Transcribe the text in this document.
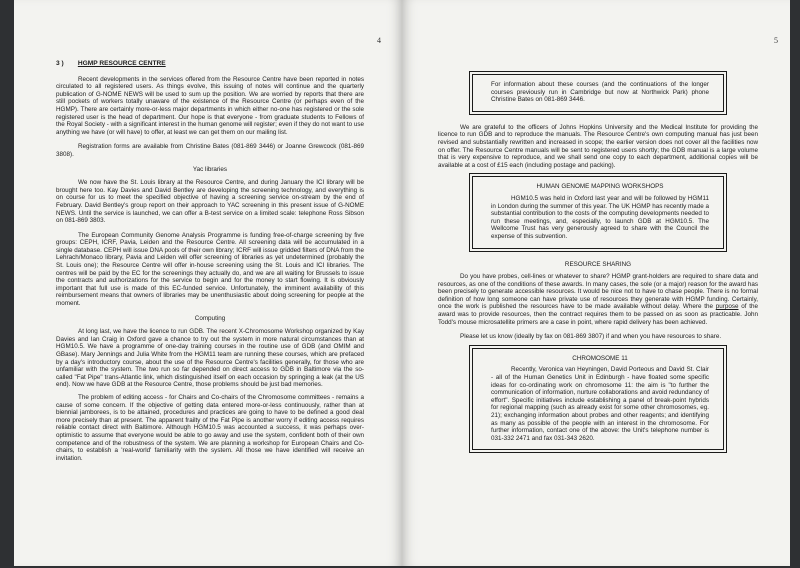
4
3 ) HGMP RESOURCE CENTRE

Recent developments in the services offered from the Resource Centre have been reported in notes circulated to all registered users. As things evolve, this issuing of notes will continue and the quarterly publication of G-NOME NEWS will be used to sum up the position. We are worried by reports that there are still pockets of workers totally unaware of the existence of the Resource Centre (or perhaps even of the HGMP). There are certainly more-or-less major departments in which either no-one has registered or the sole registered user is the head of department. Our hope is that everyone - from graduate students to Fellows of the Royal Society - with a significant interest in the human genome will register; even if they do not want to use anything we have (or will have) to offer, at least we can get them on our mailing list.

Registration forms are available from Christine Bates (081-869 3446) or Joanne Grewcock (081-869 3808).

Yac libraries

We now have the St. Louis library at the Resource Centre, and during January the ICI library will be brought here too. Kay Davies and David Bentley are developing the screening technology, and everything is on course for us to meet the specified objective of having a screening service on-stream by the end of February. David Bentley's group report on their approach to YAC screening in this present issue of G-NOME NEWS. Until the service is launched, we can offer a B-test service on a limited scale: telephone Ross Sibson on 081-869 3803.

The European Community Genome Analysis Programme is funding free-of-charge screening by five groups: CEPH, ICRF, Pavia, Leiden and the Resource Centre. All screening data will be accumulated in a single database. CEPH will issue DNA pools of their own library; ICRF will issue gridded filters of DNA from the Lehrach/Monaco library, Pavia and Leiden will offer screening of libraries as yet undetermined (probably the St. Louis one); the Resource Centre will offer in-house screening using the St. Louis and ICI libraries. The centres will be paid by the EC for the screenings they actually do, and we are all waiting for Brussels to issue the contracts and authorizations for the service to begin and for the money to start flowing. It is obviously important that full use is made of this EC-funded service. Unfortunately, the imminent availability of this reimbursement means that owners of libraries may be unenthusiastic about doing screening for people at the moment.

Computing

At long last, we have the licence to run GDB. The recent X-Chromosome Workshop organized by Kay Davies and Ian Craig in Oxford gave a chance to try out the system in more natural circumstances than at HGM10.5. We have a programme of one-day training courses in the routine use of GDB (and OMIM and GBase). Mary Jennings and Julia White from the HGM11 team are running these courses, which are prefaced by a day's introductory course, about the use of the Resource Centre's facilities generally, for those who are unfamiliar with the system. The two run so far depended on direct access to GDB in Baltimore via the so-called "Fat Pipe" trans-Atlantic link, which distinguished itself on each occasion by springing a leak (at the US end). Now we have GDB at the Resource Centre, those problems should be just bad memories.

The problem of editing access - for Chairs and Co-chairs of the Chromosome committees - remains a cause of some concern. If the objective of getting data entered more-or-less continuously, rather than at biennial jamborees, is to be attained, procedures and practices are going to have to be defined a good deal more precisely than at present. The apparent frailty of the Fat Pipe is another worry if editing access requires reliable contact direct with Baltimore. Although HGM10.5 was accounted a success, it was perhaps over-optimistic to assume that everyone would be able to go away and use the system, confident both of their own competence and of the robustness of the system. We are planning a workshop for European Chairs and Co-chairs, to establish a 'real-world' familiarity with the system. All those we have identified will receive an invitation.

5

For information about these courses (and the continuations of the longer courses previously run in Cambridge but now at Northwick Park) phone Christine Bates on 081-869 3446.

We are grateful to the officers of Johns Hopkins University and the Medical Institute for providing the licence to run GDB and to reproduce the manuals. The Resource Centre's own computing manual has just been revised and substantially rewritten and increased in scope; the earlier version does not cover all the facilities now on offer. The Resource Centre manuals will be sent to registered users shortly; the GDB manual is a large volume that is very expensive to reproduce, and we shall send one copy to each department, additional copies will be available at a cost of £15 each (including postage and packing).

HUMAN GENOME MAPPING WORKSHOPS

HGM10.5 was held in Oxford last year and will be followed by HGM11 in London during the summer of this year. The UK HGMP has recently made a substantial contribution to the costs of the computing developments needed to run these meetings, and, especially, to launch GDB at HGM10.5. The Wellcome Trust has very generously agreed to share with the Council the expense of this subvention.

RESOURCE SHARING

Do you have probes, cell-lines or whatever to share? HGMP grant-holders are required to share data and resources, as one of the conditions of these awards. In many cases, the sole (or a major) reason for the award has been precisely to generate accessible resources. It would be nice not to have to chase people. There is no formal definition of how long someone can have private use of resources they generate with HGMP funding. Certainly, once the work is published the resources have to be made available without delay. Where the purpose of the award was to provide resources, then the contract requires them to be passed on as soon as practicable. John Todd's mouse microsatellite primers are a case in point, where rapid delivery has been achieved.

Please let us know (ideally by fax on 081-869 3807) if and when you have resources to share.

CHROMOSOME 11

Recently, Veronica van Heyningen, David Porteous and David St. Clair - all of the Human Genetics Unit in Edinburgh - have floated some specific ideas for co-ordinating work on chromosome 11: the aim is "to further the communication of information, nurture collaborations and avoid redundancy of effort". Specific initiatives include establishing a panel of break-point hybrids for regional mapping (such as already exist for some other chromosomes, eg. 21); exchanging information about probes and other reagents; and identifying as many as possible of the people with an interest in the chromosome. For further information, contact one of the above: the Unit's telephone number is 031-332 2471 and fax 031-343 2620.
